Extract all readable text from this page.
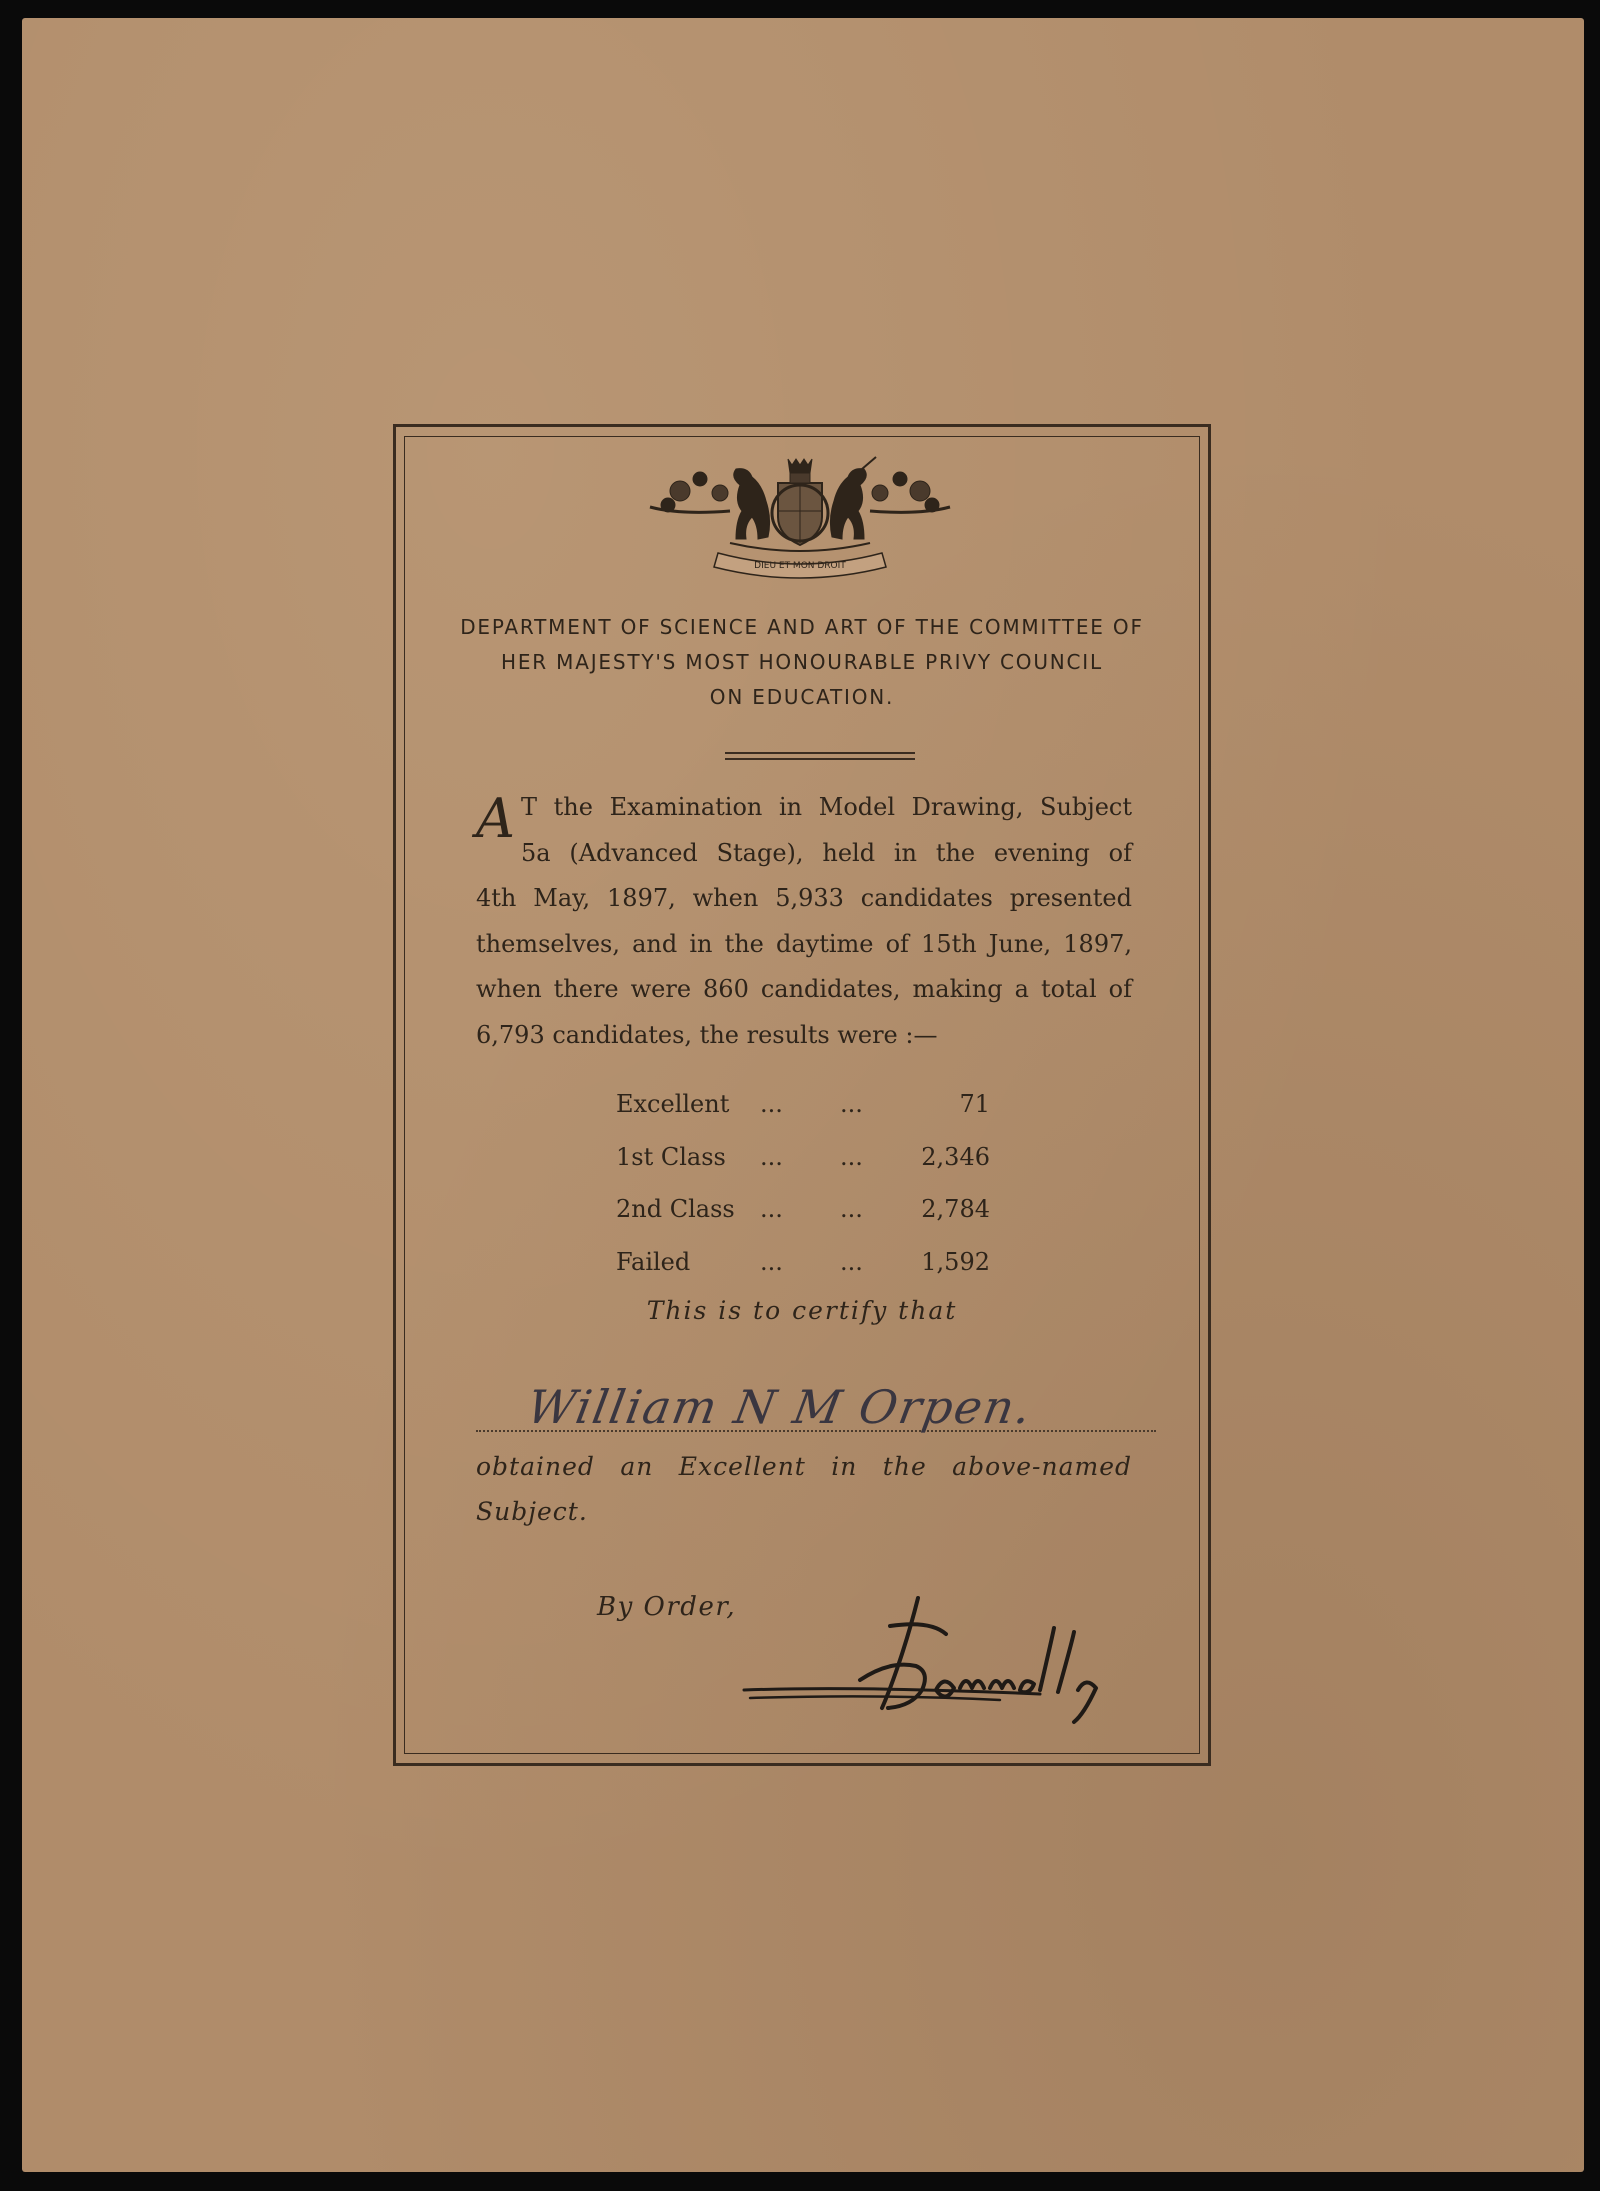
DIEU ET MON DROIT
DEPARTMENT OF SCIENCE AND ART OF THE COMMITTEE OF
HER MAJESTY'S MOST HONOURABLE PRIVY COUNCIL
ON EDUCATION.
A T the Examination in Model Drawing, Subject
5a (Advanced Stage), held in the evening of
4th May, 1897, when 5,933 candidates presented
themselves, and in the daytime of 15th June, 1897,
when there were 860 candidates, making a total of
6,793 candidates, the results were :—
Excellent	...	...	71
1st Class	...	...	2,346
2nd Class	...	...	2,784
Failed	...	...	1,592
This is to certify that
William N M Orpen.
obtained an Excellent in the above-named
Subject.
By Order,
